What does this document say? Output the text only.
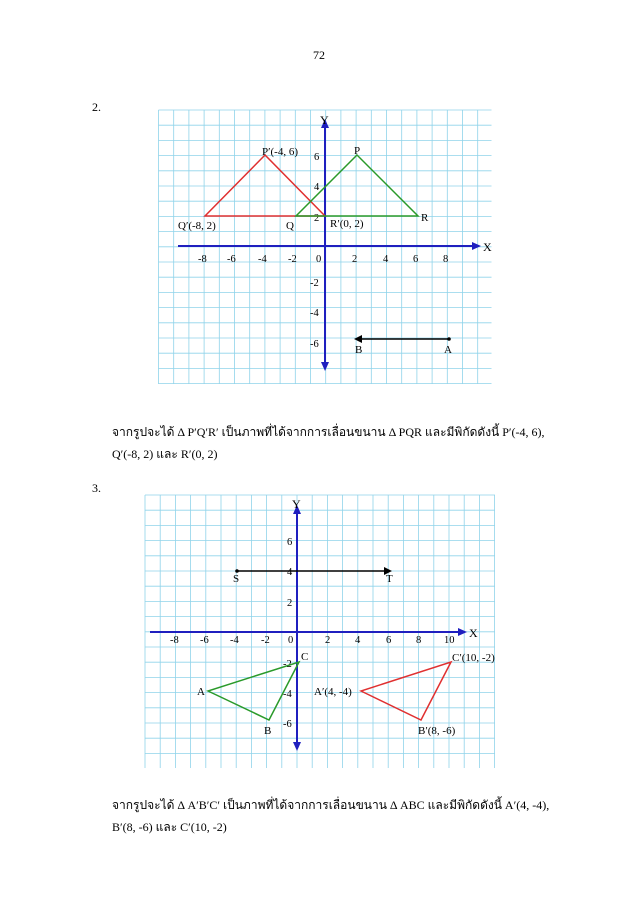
72
2.
X
Y
-8 -6 -4 -2 0	2 4 6 8
6
4
2
-2
-4
-6
P′(-4, 6)	P
Q′(-8, 2)	Q	R′(0, 2)	R
A
B
จากรูปจะได้ Δ P′Q′R′ เป็นภาพที่ได้จากการเลื่อนขนาน Δ PQR และมีพิกัดดังนี้ P′(-4, 6),
Q′(-8, 2) และ R′(0, 2)
3.
X
Y
-8 -6 -4 -2 0	2 4 6 8 10
6
4
2
-2
-4
-6
S	T
A
B
C
A′(4, -4)
B′(8, -6)
C′(10, -2)
จากรูปจะได้ Δ A′B′C′ เป็นภาพที่ได้จากการเลื่อนขนาน Δ ABC และมีพิกัดดังนี้ A′(4, -4),
B′(8, -6) และ C′(10, -2)
